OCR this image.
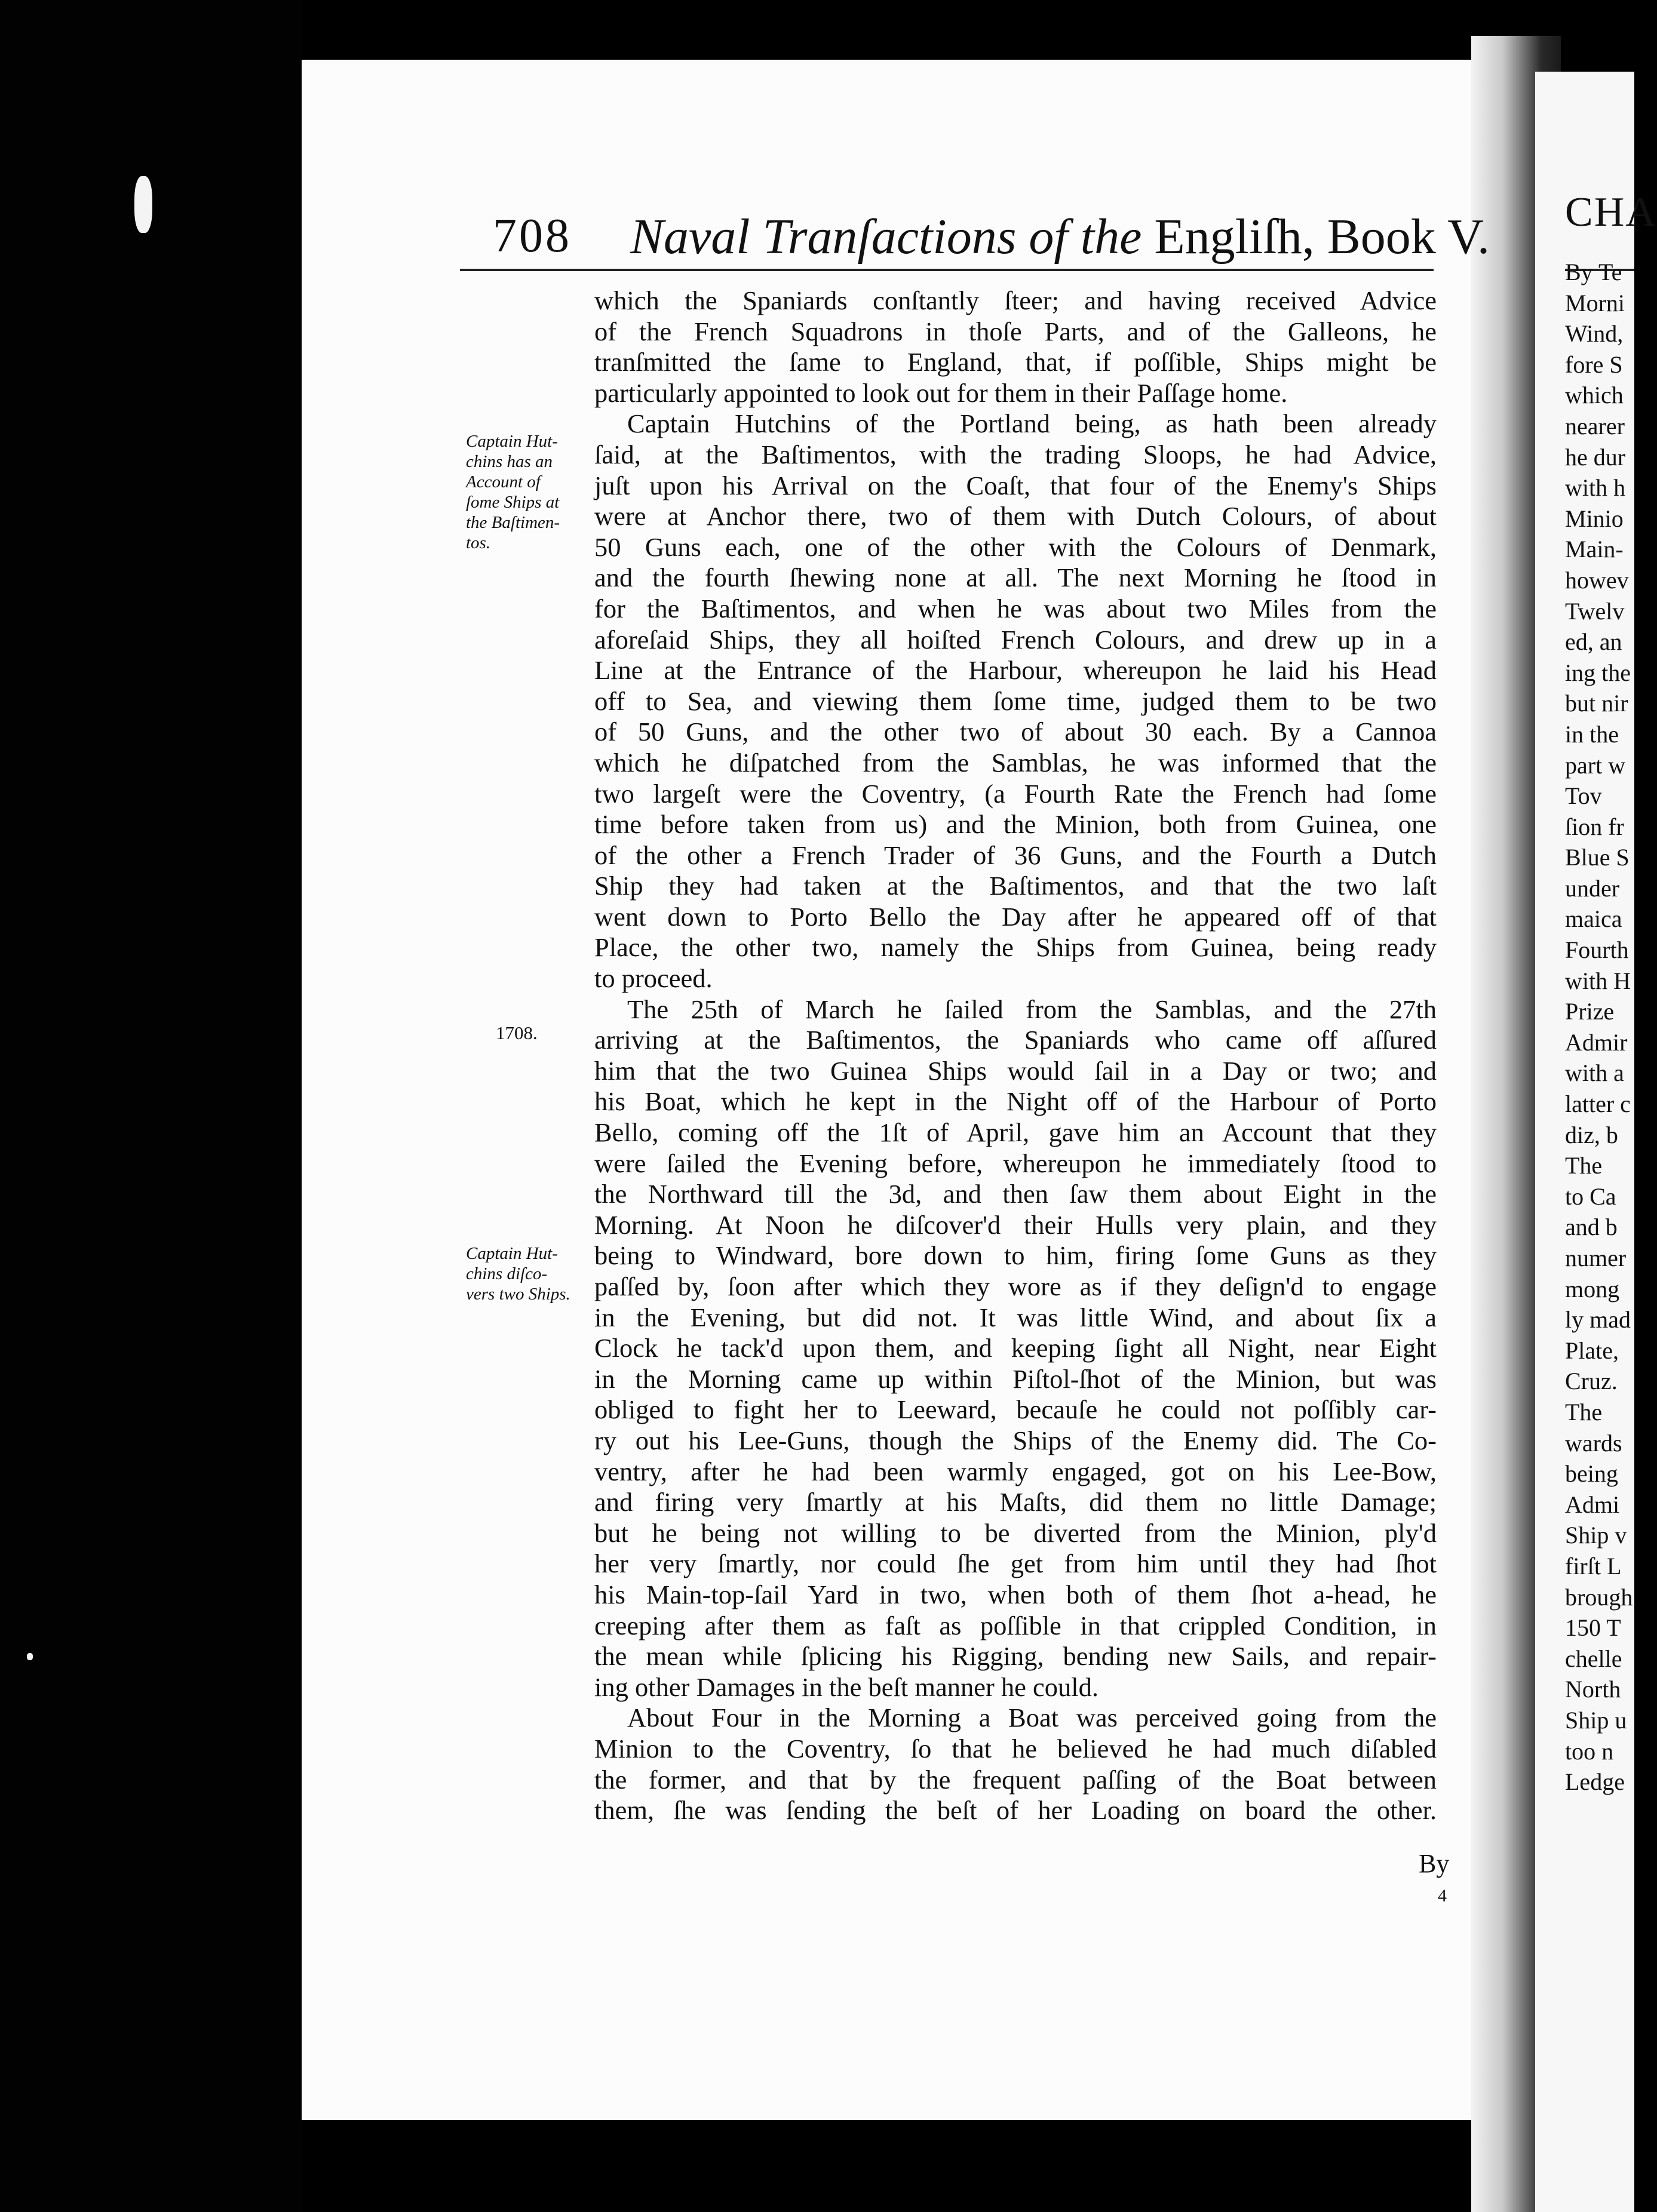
708 Naval Tranſactions of the Engliſh, Book V.
Captain Hut-
chins has an
Account of
ſome Ships at
the Baſtimen-
tos.
1708.
Captain Hut-
chins diſco-
vers two Ships.
which the Spaniards conſtantly ſteer; and having received Advice
of the French Squadrons in thoſe Parts, and of the Galleons, he
tranſmitted the ſame to England, that, if poſſible, Ships might be
particularly appointed to look out for them in their Paſſage home.
Captain Hutchins of the Portland being, as hath been already
ſaid, at the Baſtimentos, with the trading Sloops, he had Advice,
juſt upon his Arrival on the Coaſt, that four of the Enemy's Ships
were at Anchor there, two of them with Dutch Colours, of about
50 Guns each, one of the other with the Colours of Denmark,
and the fourth ſhewing none at all. The next Morning he ſtood in
for the Baſtimentos, and when he was about two Miles from the
aforeſaid Ships, they all hoiſted French Colours, and drew up in a
Line at the Entrance of the Harbour, whereupon he laid his Head
off to Sea, and viewing them ſome time, judged them to be two
of 50 Guns, and the other two of about 30 each. By a Cannoa
which he diſpatched from the Samblas, he was informed that the
two largeſt were the Coventry, (a Fourth Rate the French had ſome
time before taken from us) and the Minion, both from Guinea, one
of the other a French Trader of 36 Guns, and the Fourth a Dutch
Ship they had taken at the Baſtimentos, and that the two laſt
went down to Porto Bello the Day after he appeared off of that
Place, the other two, namely the Ships from Guinea, being ready
to proceed.
The 25th of March he ſailed from the Samblas, and the 27th
arriving at the Baſtimentos, the Spaniards who came off aſſured
him that the two Guinea Ships would ſail in a Day or two; and
his Boat, which he kept in the Night off of the Harbour of Porto
Bello, coming off the 1ſt of April, gave him an Account that they
were ſailed the Evening before, whereupon he immediately ſtood to
the Northward till the 3d, and then ſaw them about Eight in the
Morning. At Noon he diſcover'd their Hulls very plain, and they
being to Windward, bore down to him, firing ſome Guns as they
paſſed by, ſoon after which they wore as if they deſign'd to engage
in the Evening, but did not. It was little Wind, and about ſix a
Clock he tack'd upon them, and keeping ſight all Night, near Eight
in the Morning came up within Piſtol-ſhot of the Minion, but was
obliged to fight her to Leeward, becauſe he could not poſſibly car-
ry out his Lee-Guns, though the Ships of the Enemy did. The Co-
ventry, after he had been warmly engaged, got on his Lee-Bow,
and firing very ſmartly at his Maſts, did them no little Damage;
but he being not willing to be diverted from the Minion, ply'd
her very ſmartly, nor could ſhe get from him until they had ſhot
his Main-top-ſail Yard in two, when both of them ſhot a-head, he
creeping after them as faſt as poſſible in that crippled Condition, in
the mean while ſplicing his Rigging, bending new Sails, and repair-
ing other Damages in the beſt manner he could.
About Four in the Morning a Boat was perceived going from the
Minion to the Coventry, ſo that he believed he had much diſabled
the former, and that by the frequent paſſing of the Boat between
them, ſhe was ſending the beſt of her Loading on board the other.
By
4
CHA
By Te
Morni
Wind,
fore S
which
nearer
he dur
with h
Minio
Main-
howev
Twelv
ed, an
ing the
but nir
in the
part w
Tov
ſion fr
Blue S
under
maica
Fourth
with H
Prize
Admir
with a
latter c
diz, b
The
to Ca
and b
numer
mong
ly mad
Plate,
Cruz.
The
wards
being
Admi
Ship v
firſt L
brough
150 T
chelle
North
Ship u
too n
Ledge
